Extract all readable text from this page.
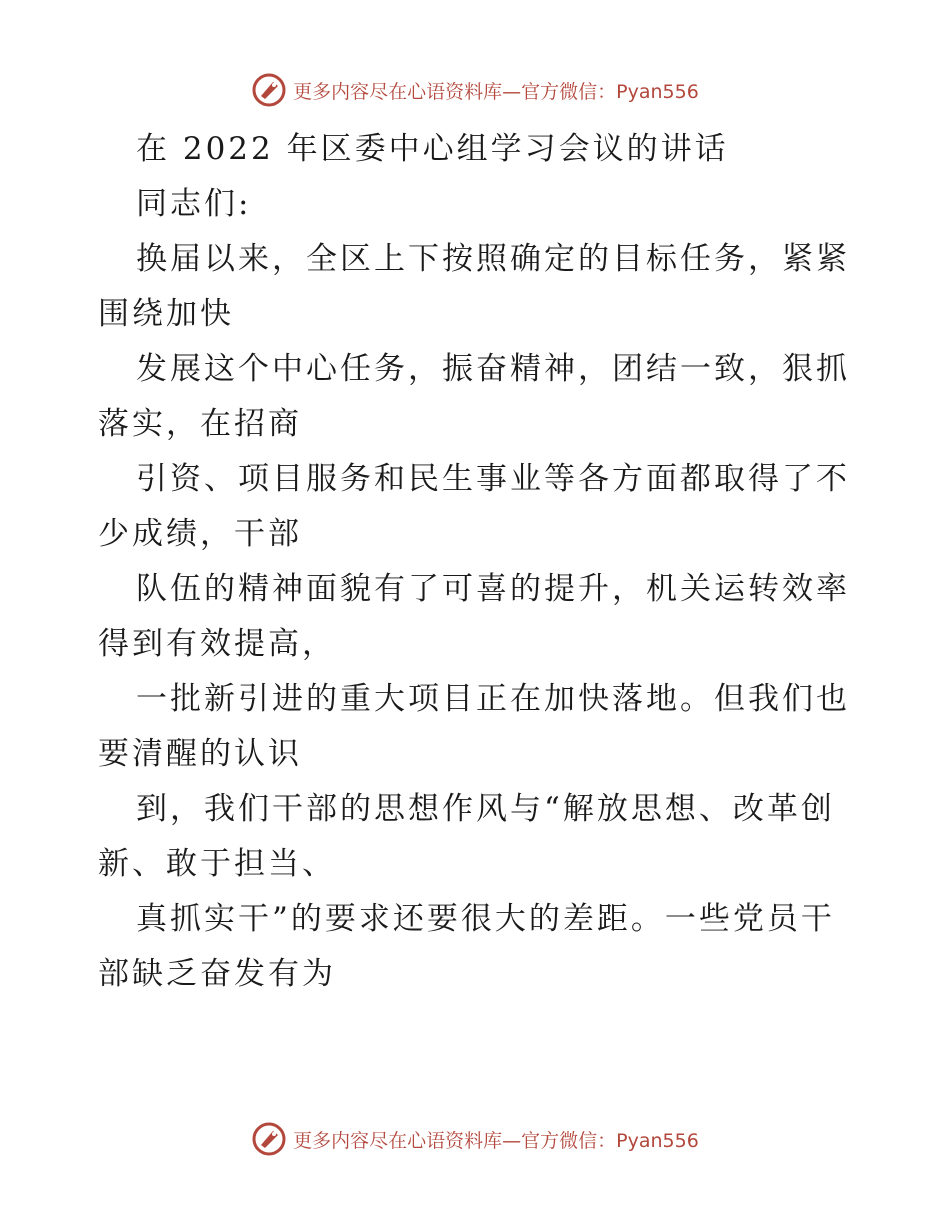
更多内容尽在心语资料库—官方微信：Pyan556

在 2022 年区委中心组学习会议的讲话

同志们:

换届以来，全区上下按照确定的目标任务，紧紧围绕加快

发展这个中心任务，振奋精神，团结一致，狠抓落实，在招商

引资、项目服务和民生事业等各方面都取得了不少成绩，干部

队伍的精神面貌有了可喜的提升，机关运转效率得到有效提高，

一批新引进的重大项目正在加快落地。但我们也要清醒的认识

到，我们干部的思想作风与“解放思想、改革创新、敢于担当、

真抓实干”的要求还要很大的差距。一些党员干部缺乏奋发有为

更多内容尽在心语资料库—官方微信：Pyan556
